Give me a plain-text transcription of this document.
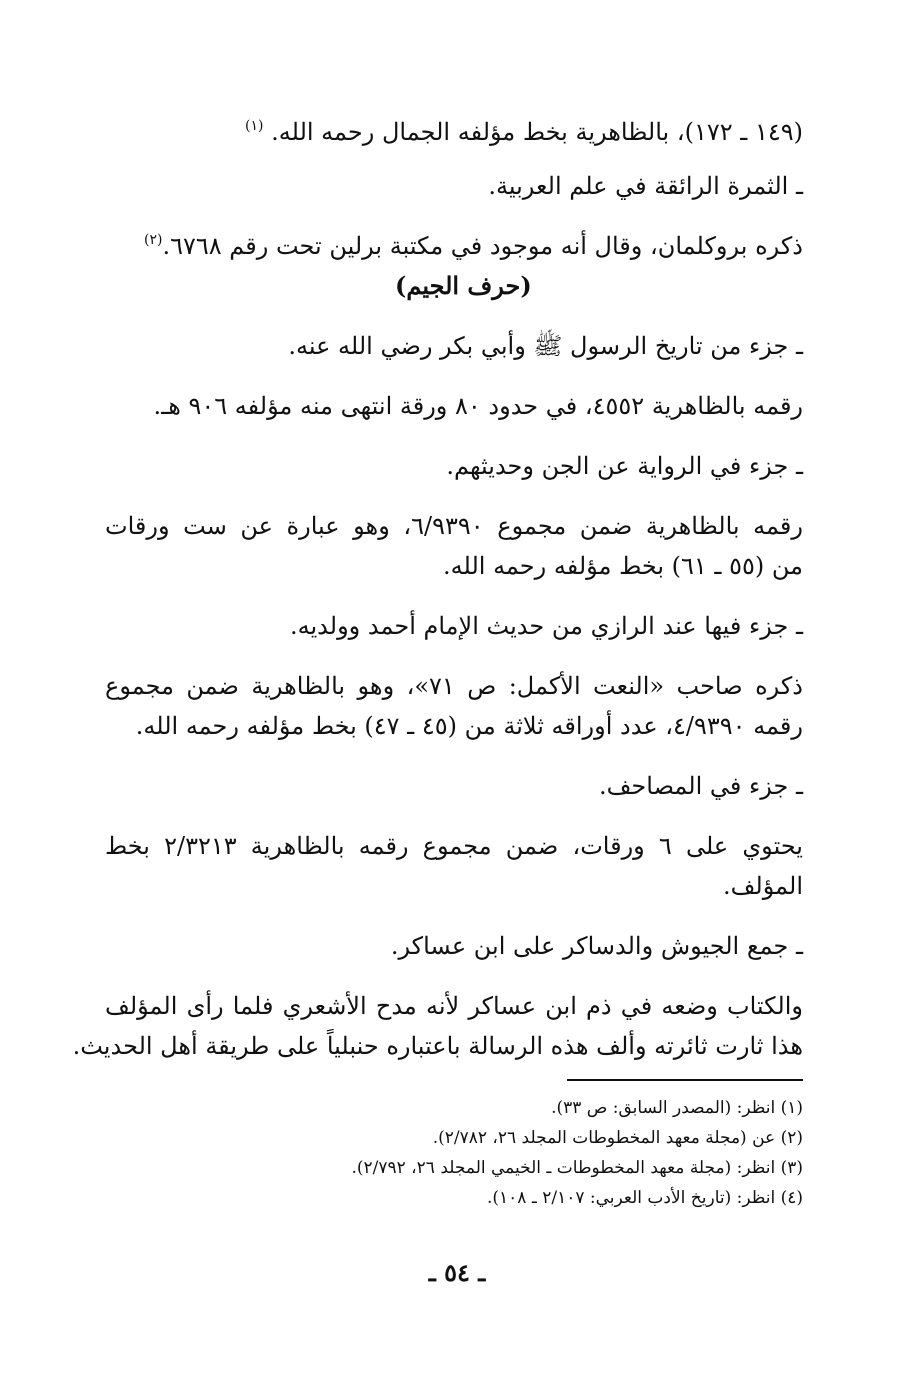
(١٤٩ ـ ١٧٢)، بالظاهرية بخط مؤلفه الجمال رحمه الله. $^{(١)}$

ـ الثمرة الرائقة في علم العربية.

ذكره بروكلمان، وقال أنه موجود في مكتبة برلين تحت رقم ٦٧٦٨.$^{(٢)}$

(حرف الجيم)

ـ جزء من تاريخ الرسول ﷺ وأبي بكر رضي الله عنه.

رقمه بالظاهرية ٤٥٥٢، في حدود ٨٠ ورقة انتهى منه مؤلفه ٩٠٦ هـ.

ـ جزء في الرواية عن الجن وحديثهم.

رقمه بالظاهرية ضمن مجموع ٦/٩٣٩٠، وهو عبارة عن ست ورقات

من (٥٥ ـ ٦١) بخط مؤلفه رحمه الله.

ـ جزء فيها عند الرازي من حديث الإمام أحمد وولديه.

ذكره صاحب «النعت الأكمل: ص ٧١»، وهو بالظاهرية ضمن مجموع

رقمه ٤/٩٣٩٠، عدد أوراقه ثلاثة من (٤٥ ـ ٤٧) بخط مؤلفه رحمه الله.

ـ جزء في المصاحف.

يحتوي على ٦ ورقات، ضمن مجموع رقمه بالظاهرية ٢/٣٢١٣ بخط

المؤلف.

ـ جمع الجيوش والدساكر على ابن عساكر.

والكتاب وضعه في ذم ابن عساكر لأنه مدح الأشعري فلما رأى المؤلف

هذا ثارت ثائرته وألف هذه الرسالة باعتباره حنبلياً على طريقة أهل الحديث.

(١) انظر: (المصدر السابق: ص ٣٣).
(٢) عن (مجلة معهد المخطوطات المجلد ٢٦، ٢/٧٨٢).
(٣) انظر: (مجلة معهد المخطوطات ـ الخيمي المجلد ٢٦، ٢/٧٩٢).
(٤) انظر: (تاريخ الأدب العربي: ٢/١٠٧ ـ ١٠٨).
ـ ٥٤ ـ
